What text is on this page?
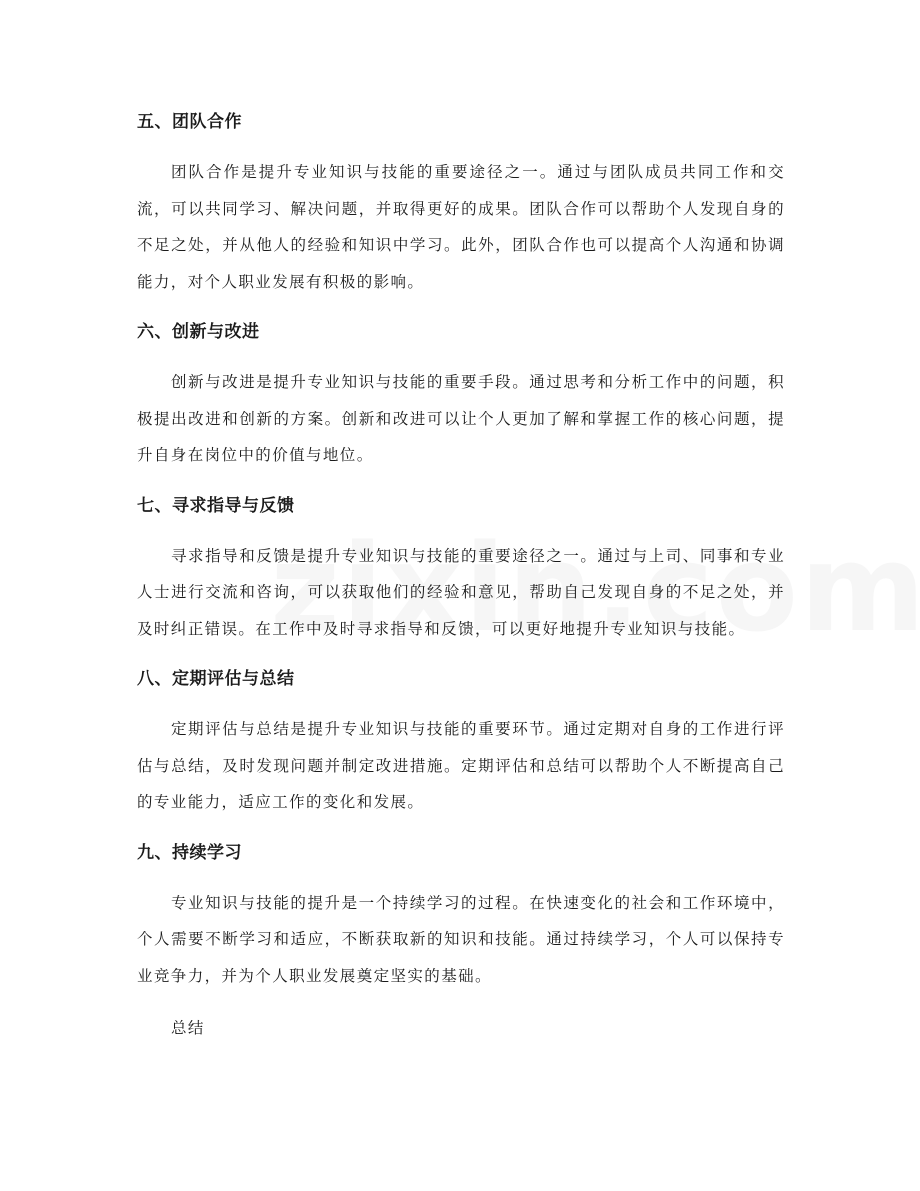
五、团队合作

团队合作是提升专业知识与技能的重要途径之一。通过与团队成员共同工作和交流，可以共同学习、解决问题，并取得更好的成果。团队合作可以帮助个人发现自身的不足之处，并从他人的经验和知识中学习。此外，团队合作也可以提高个人沟通和协调能力，对个人职业发展有积极的影响。

六、创新与改进

创新与改进是提升专业知识与技能的重要手段。通过思考和分析工作中的问题，积极提出改进和创新的方案。创新和改进可以让个人更加了解和掌握工作的核心问题，提升自身在岗位中的价值与地位。

七、寻求指导与反馈

寻求指导和反馈是提升专业知识与技能的重要途径之一。通过与上司、同事和专业人士进行交流和咨询，可以获取他们的经验和意见，帮助自己发现自身的不足之处，并及时纠正错误。在工作中及时寻求指导和反馈，可以更好地提升专业知识与技能。

八、定期评估与总结

定期评估与总结是提升专业知识与技能的重要环节。通过定期对自身的工作进行评估与总结，及时发现问题并制定改进措施。定期评估和总结可以帮助个人不断提高自己的专业能力，适应工作的变化和发展。

九、持续学习

专业知识与技能的提升是一个持续学习的过程。在快速变化的社会和工作环境中，个人需要不断学习和适应，不断获取新的知识和技能。通过持续学习，个人可以保持专业竞争力，并为个人职业发展奠定坚实的基础。

总结
